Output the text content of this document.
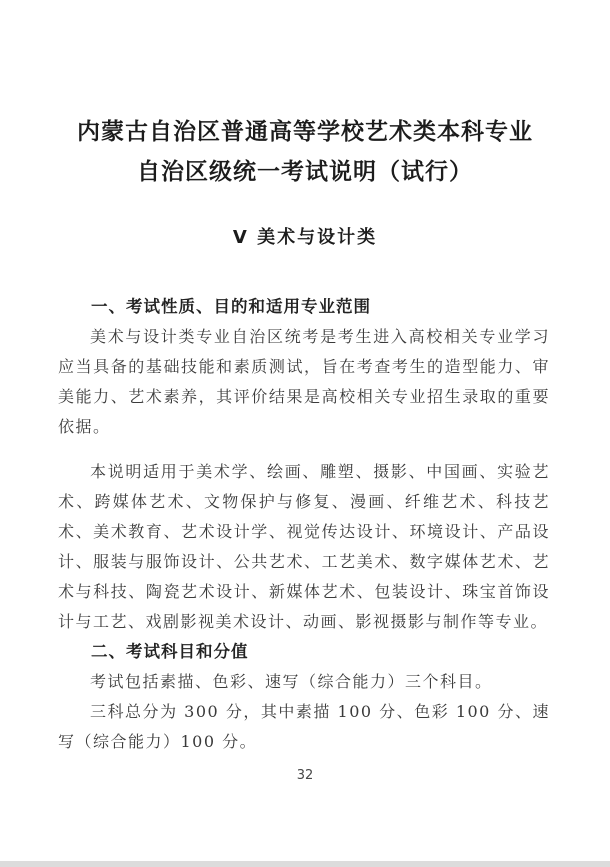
内蒙古自治区普通高等学校艺术类本科专业
自治区级统一考试说明（试行）
V 美术与设计类
一、考试性质、目的和适用专业范围

美术与设计类专业自治区统考是考生进入高校相关专业学习应当具备的基础技能和素质测试，旨在考查考生的造型能力、审美能力、艺术素养，其评价结果是高校相关专业招生录取的重要依据。

本说明适用于美术学、绘画、雕塑、摄影、中国画、实验艺术、跨媒体艺术、文物保护与修复、漫画、纤维艺术、科技艺术、美术教育、艺术设计学、视觉传达设计、环境设计、产品设计、服装与服饰设计、公共艺术、工艺美术、数字媒体艺术、艺术与科技、陶瓷艺术设计、新媒体艺术、包装设计、珠宝首饰设计与工艺、戏剧影视美术设计、动画、影视摄影与制作等专业。

二、考试科目和分值

考试包括素描、色彩、速写（综合能力）三个科目。

三科总分为 300 分，其中素描 100 分、色彩 100 分、速写（综合能力）100 分。

32
